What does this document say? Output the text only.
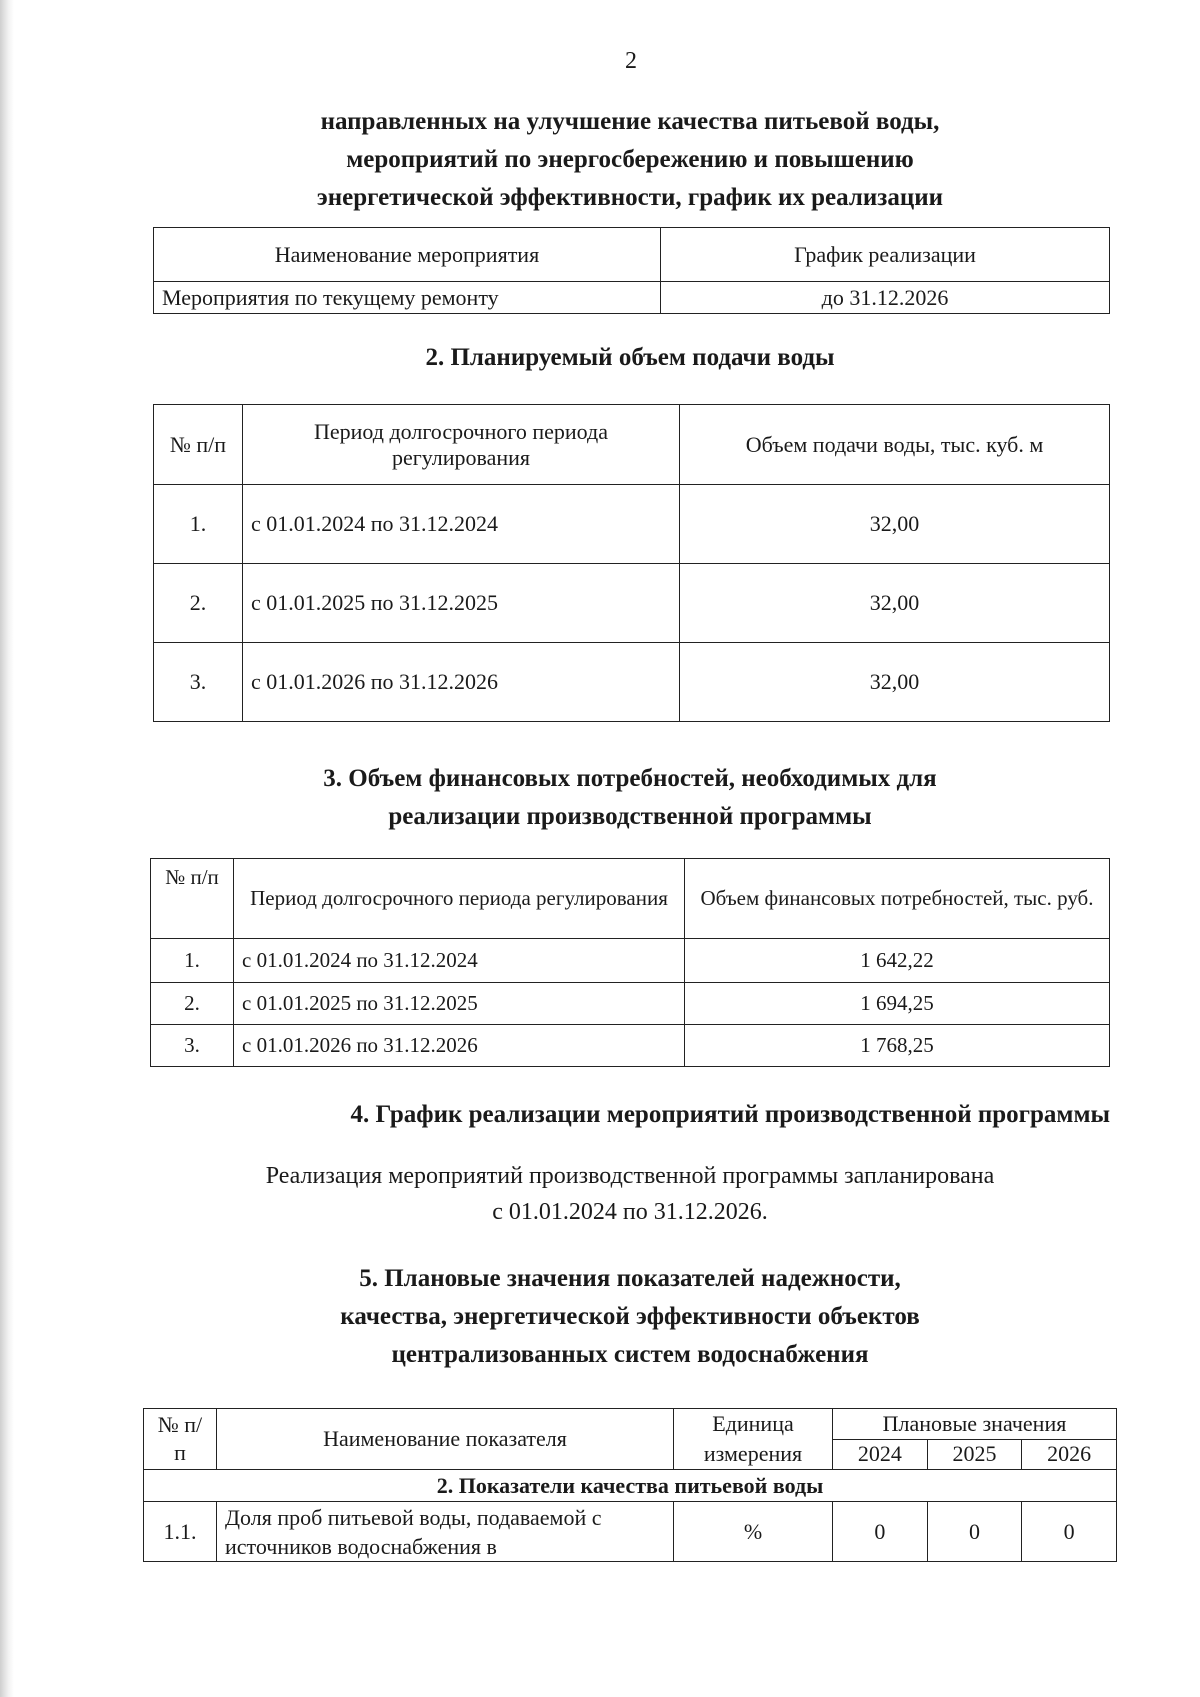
2
направленных на улучшение качества питьевой воды,
мероприятий по энергосбережению и повышению
энергетической эффективности, график их реализации
Наименование мероприятия	График реализации
Мероприятия по текущему ремонту	до 31.12.2026
2. Планируемый объем подачи воды
№ п/п	Период долгосрочного периода регулирования	Объем подачи воды, тыс. куб. м
1.	с 01.01.2024 по 31.12.2024	32,00
2.	с 01.01.2025 по 31.12.2025	32,00
3.	с 01.01.2026 по 31.12.2026	32,00
3. Объем финансовых потребностей, необходимых для
реализации производственной программы
№ п/п	Период долгосрочного периода регулирования	Объем финансовых потребностей, тыс. руб.
1.	с 01.01.2024 по 31.12.2024	1 642,22
2.	с 01.01.2025 по 31.12.2025	1 694,25
3.	с 01.01.2026 по 31.12.2026	1 768,25
4. График реализации мероприятий производственной программы

Реализация мероприятий производственной программы запланирована
с 01.01.2024 по 31.12.2026.

5. Плановые значения показателей надежности,
качества, энергетической эффективности объектов
централизованных систем водоснабжения
№ п/п	Наименование показателя	Единица измерения	Плановые значения		
			2024	2025	2026
2. Показатели качества питьевой воды					
1.1.	Доля проб питьевой воды, подаваемой с источников водоснабжения в	%	0	0	0
